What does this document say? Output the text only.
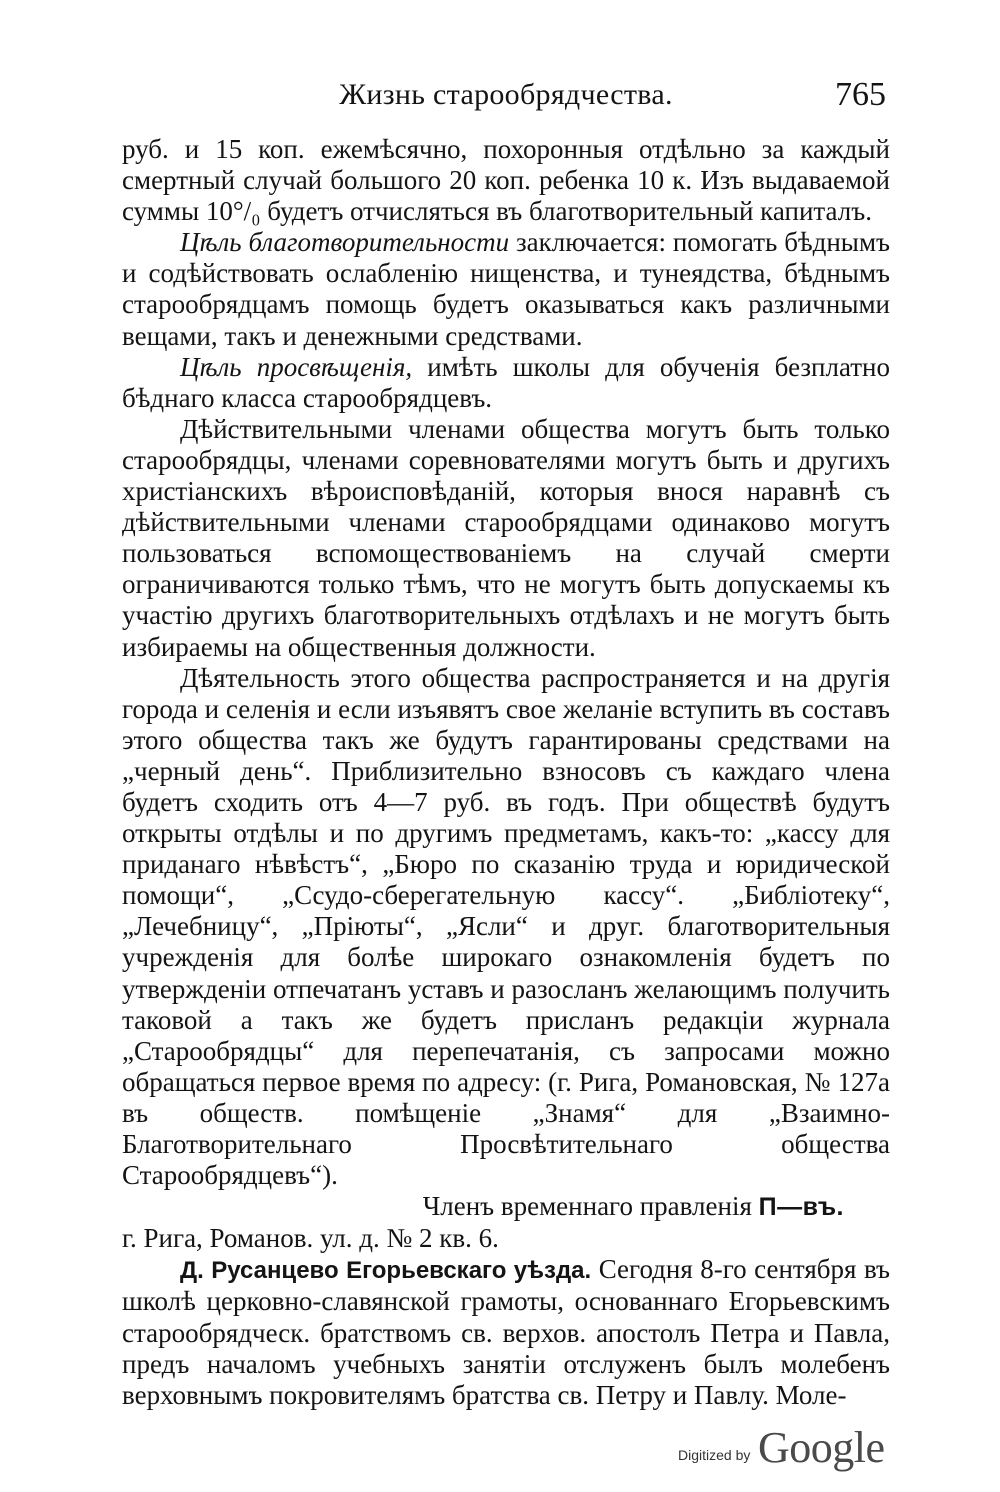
Жизнь старообрядчества.	765

руб. и 15 коп. ежемѣсячно, похоронныя отдѣльно за каждый смертный случай большого 20 коп. ребенка 10 к. Изъ выдаваемой суммы 10°/₀ будетъ отчисляться въ благотворительный капиталъ.

Цѣль благотворительности заключается: помогать бѣднымъ и содѣйствовать ослабленію нищенства, и тунеядства, бѣднымъ старообрядцамъ помощь будетъ оказываться какъ различными вещами, такъ и денежными средствами.

Цѣль просвѣщенія, имѣть школы для обученія безплатно бѣднаго класса старообрядцевъ.

Дѣйствительными членами общества могутъ быть только старообрядцы, членами соревнователями могутъ быть и другихъ христіанскихъ вѣроисповѣданій, которыя внося наравнѣ съ дѣйствительными членами старообрядцами одинаково могутъ пользоваться вспомоществованіемъ на случай смерти ограничиваются только тѣмъ, что не могутъ быть допускаемы къ участію другихъ благотворительныхъ отдѣлахъ и не могутъ быть избираемы на общественныя должности.

Дѣятельность этого общества распространяется и на другія города и селенія и если изъявятъ свое желаніе вступить въ составъ этого общества такъ же будутъ гарантированы средствами на „черный день“. Приблизительно взносовъ съ каждаго члена будетъ сходить отъ 4—7 руб. въ годъ. При обществѣ будутъ открыты отдѣлы и по другимъ предметамъ, какъ-то: „кассу для приданаго нѣвѣстъ“, „Бюро по сказанію труда и юридической помощи“, „Ссудо-сберегательную кассу“. „Библіотеку“, „Лечебницу“, „Пріюты“, „Ясли“ и друг. благотворительныя учрежденія для болѣе широкаго ознакомленія будетъ по утвержденіи отпечатанъ уставъ и разосланъ желающимъ получить таковой а такъ же будетъ присланъ редакціи журнала „Старообрядцы“ для перепечатанія, съ запросами можно обращаться первое время по адресу: (г. Рига, Романовская, № 127а въ обществ. помѣщеніе „Знамя“ для „Взаимно-Благотворительнаго Просвѣтительнаго общества Старообрядцевъ“).

Членъ временнаго правленія П—въ.

г. Рига, Романов. ул. д. № 2 кв. 6.

Д. Русанцево Егорьевскаго уѣзда. Сегодня 8-го сентября въ школѣ церковно-славянской грамоты, основаннаго Егорьевскимъ старообрядческ. братствомъ св. верхов. апостолъ Петра и Павла, предъ началомъ учебныхъ занятіи отслуженъ былъ молебенъ верховнымъ покровителямъ братства св. Петру и Павлу. Моле-

Digitized by Google
